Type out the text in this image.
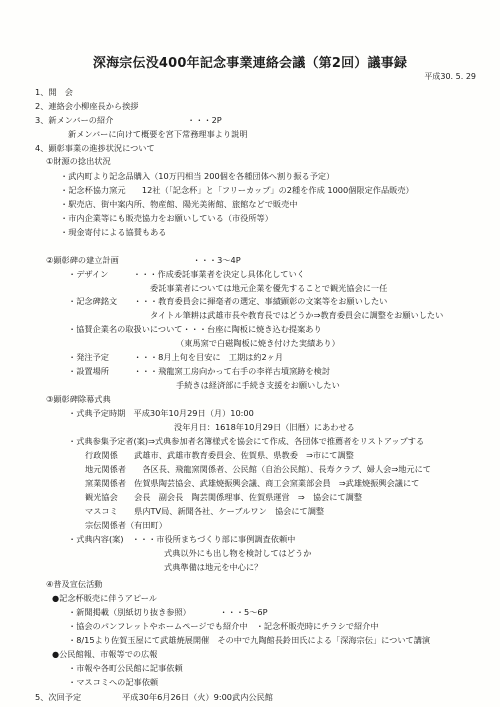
深海宗伝没400年記念事業連絡会議（第2回）議事録
平成30. 5. 29
1、開　会
2、連絡会小柳座長から挨拶
3、新メンバーの紹介　　　　　　　　　・・・2P
新メンバーに向けて概要を宮下常務理事より説明
4、顕彰事業の進捗状況について
①財源の捻出状況
・武内町より記念品購入（10万円相当 200個を各種団体へ割り振る予定）
・記念杯協力窯元　　12社（「記念杯」と「フリーカップ」の2種を作成 1000個限定作品販売）
・駅売店、街中案内所、物産館、陽光美術館、旅館などで販売中
・市内企業等にも販売協力をお願いしている（市役所等）
・現金寄付による協賛もある
②顕彰碑の建立計画　　　　　　　　　・・・3～4P
・デザイン　　　・・・作成委託事業者を決定し具体化していく
委託事業者については地元企業を優先することで観光協会に一任
・記念碑銘文　　・・・教育委員会に揮毫者の選定、事績顕彰の文案等をお願いしたい
タイトル筆耕は武雄市長や教育長ではどうか⇒教育委員会に調整をお願いしたい
・協賛企業名の取扱いについて・・・台座に陶板に焼き込む提案あり
（東馬窯で白磁陶板に焼き付けた実績あり）
・発注予定　　　・・・8月上旬を目安に　工期は約2ヶ月
・設置場所　　　・・・飛龍窯工房向かって右手の李祥古墳窯跡を検討
手続きは経済部に手続き支援をお願いしたい
③顕彰碑除幕式典
・式典予定時期　平成30年10月29日（月）10:00
没年月日：1618年10月29日（旧暦）にあわせる
・式典参集予定者(案)⇒式典参加者名簿様式を協会にて作成、各団体で推薦者をリストアップする
行政関係　　武雄市、武雄市教育委員会、佐賀県、県教委　⇒市にて調整
地元関係者　　各区長、飛龍窯関係者、公民館（自治公民館）、長寿クラブ、婦人会⇒地元にて
窯業関係者　佐賀県陶芸協会、武雄焼振興会議、商工会窯業部会員　⇒武雄焼振興会議にて
観光協会　　会長　副会長　陶芸関係理事、佐賀県運営　⇒　協会にて調整
マスコミ　　県内TV局、新聞各社、ケーブルワン　協会にて調整
宗伝関係者（有田町）
・式典内容(案)　・・・市役所まちづくり部に事例調査依頼中
式典以外にも出し物を検討してはどうか
式典準備は地元を中心に？
④普及宣伝活動
●記念杯販売に伴うアピール
・新聞掲載（別紙切り抜き参照）　　　　・・・5～6P
・協会のパンフレットやホームページでも紹介中　・記念杯販売時にチラシで紹介中
・8/15より佐賀玉屋にて武雄焼展開催　その中で九陶館長鈴田氏による「深海宗伝」について講演
●公民館報、市報等での広報
・市報や各町公民館に記事依頼
・マスコミへの記事依頼
5、次回予定　　　　　平成30年6月26日（火）9:00武内公民館
